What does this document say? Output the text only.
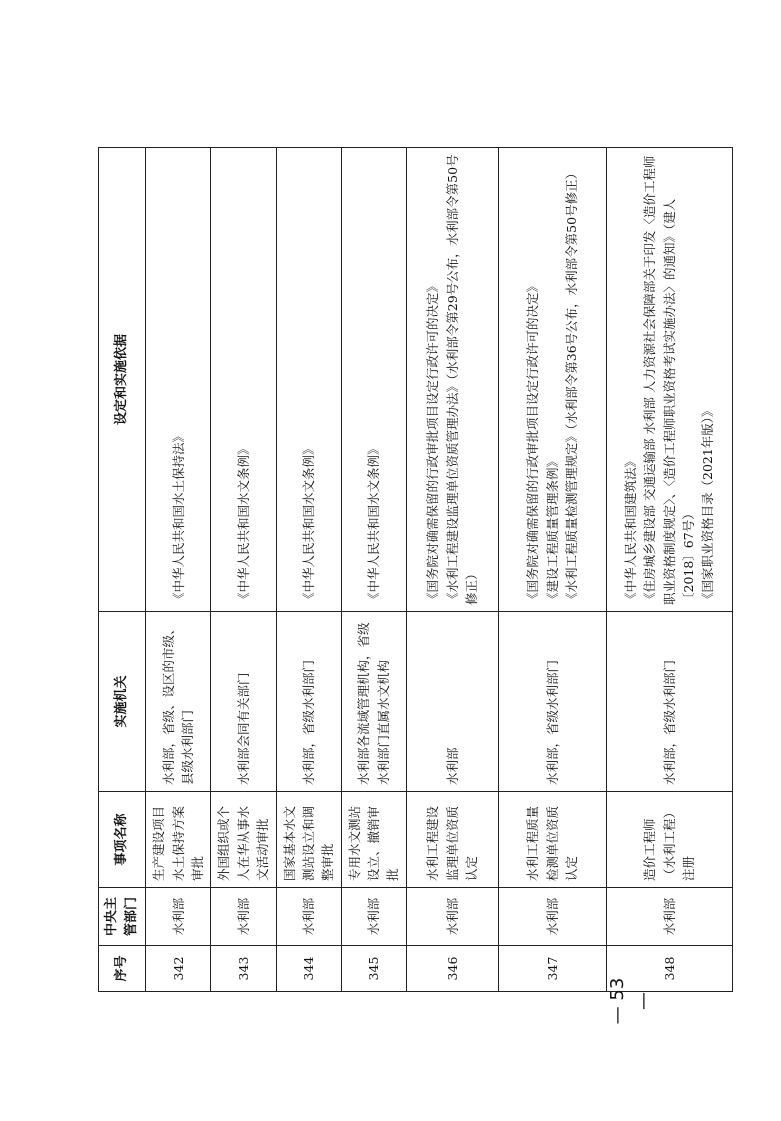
序号	中央主管部门	事项名称	实施机关	设定和实施依据
342	水利部	生产建设项目水土保持方案审批	水利部，省级、设区的市级、县级水利部门	《中华人民共和国水土保持法》

343	水利部	外国组织或个人在华从事水文活动审批	水利部会同有关部门	《中华人民共和国水文条例》

344	水利部	国家基本水文测站设立和调整审批	水利部，省级水利部门	《中华人民共和国水文条例》

345	水利部	专用水文测站设立、撤销审批	水利部各流域管理机构，省级水利部门直属水文机构	《中华人民共和国水文条例》

346	水利部	水利工程建设监理单位资质认定	水利部	《国务院对确需保留的行政审批项目设定行政许可的决定》 《水利工程建设监理单位资质管理办法》（水利部令第29号公布，水利部令第50号修正）

347	水利部	水利工程质量检测单位资质认定	水利部，省级水利部门	《国务院对确需保留的行政审批项目设定行政许可的决定》 《建设工程质量管理条例》 《水利工程质量检测管理规定》（水利部令第36号公布，水利部令第50号修正）

348	水利部	造价工程师（水利工程）注册	水利部，省级水利部门	《中华人民共和国建筑法》 《住房城乡建设部 交通运输部 水利部 人力资源社会保障部关于印发〈造价工程师职业资格制度规定〉、〈造价工程师职业资格考试实施办法〉的通知》（建人〔2018〕67号） 《国家职业资格目录（2021年版）》
— 53 —
